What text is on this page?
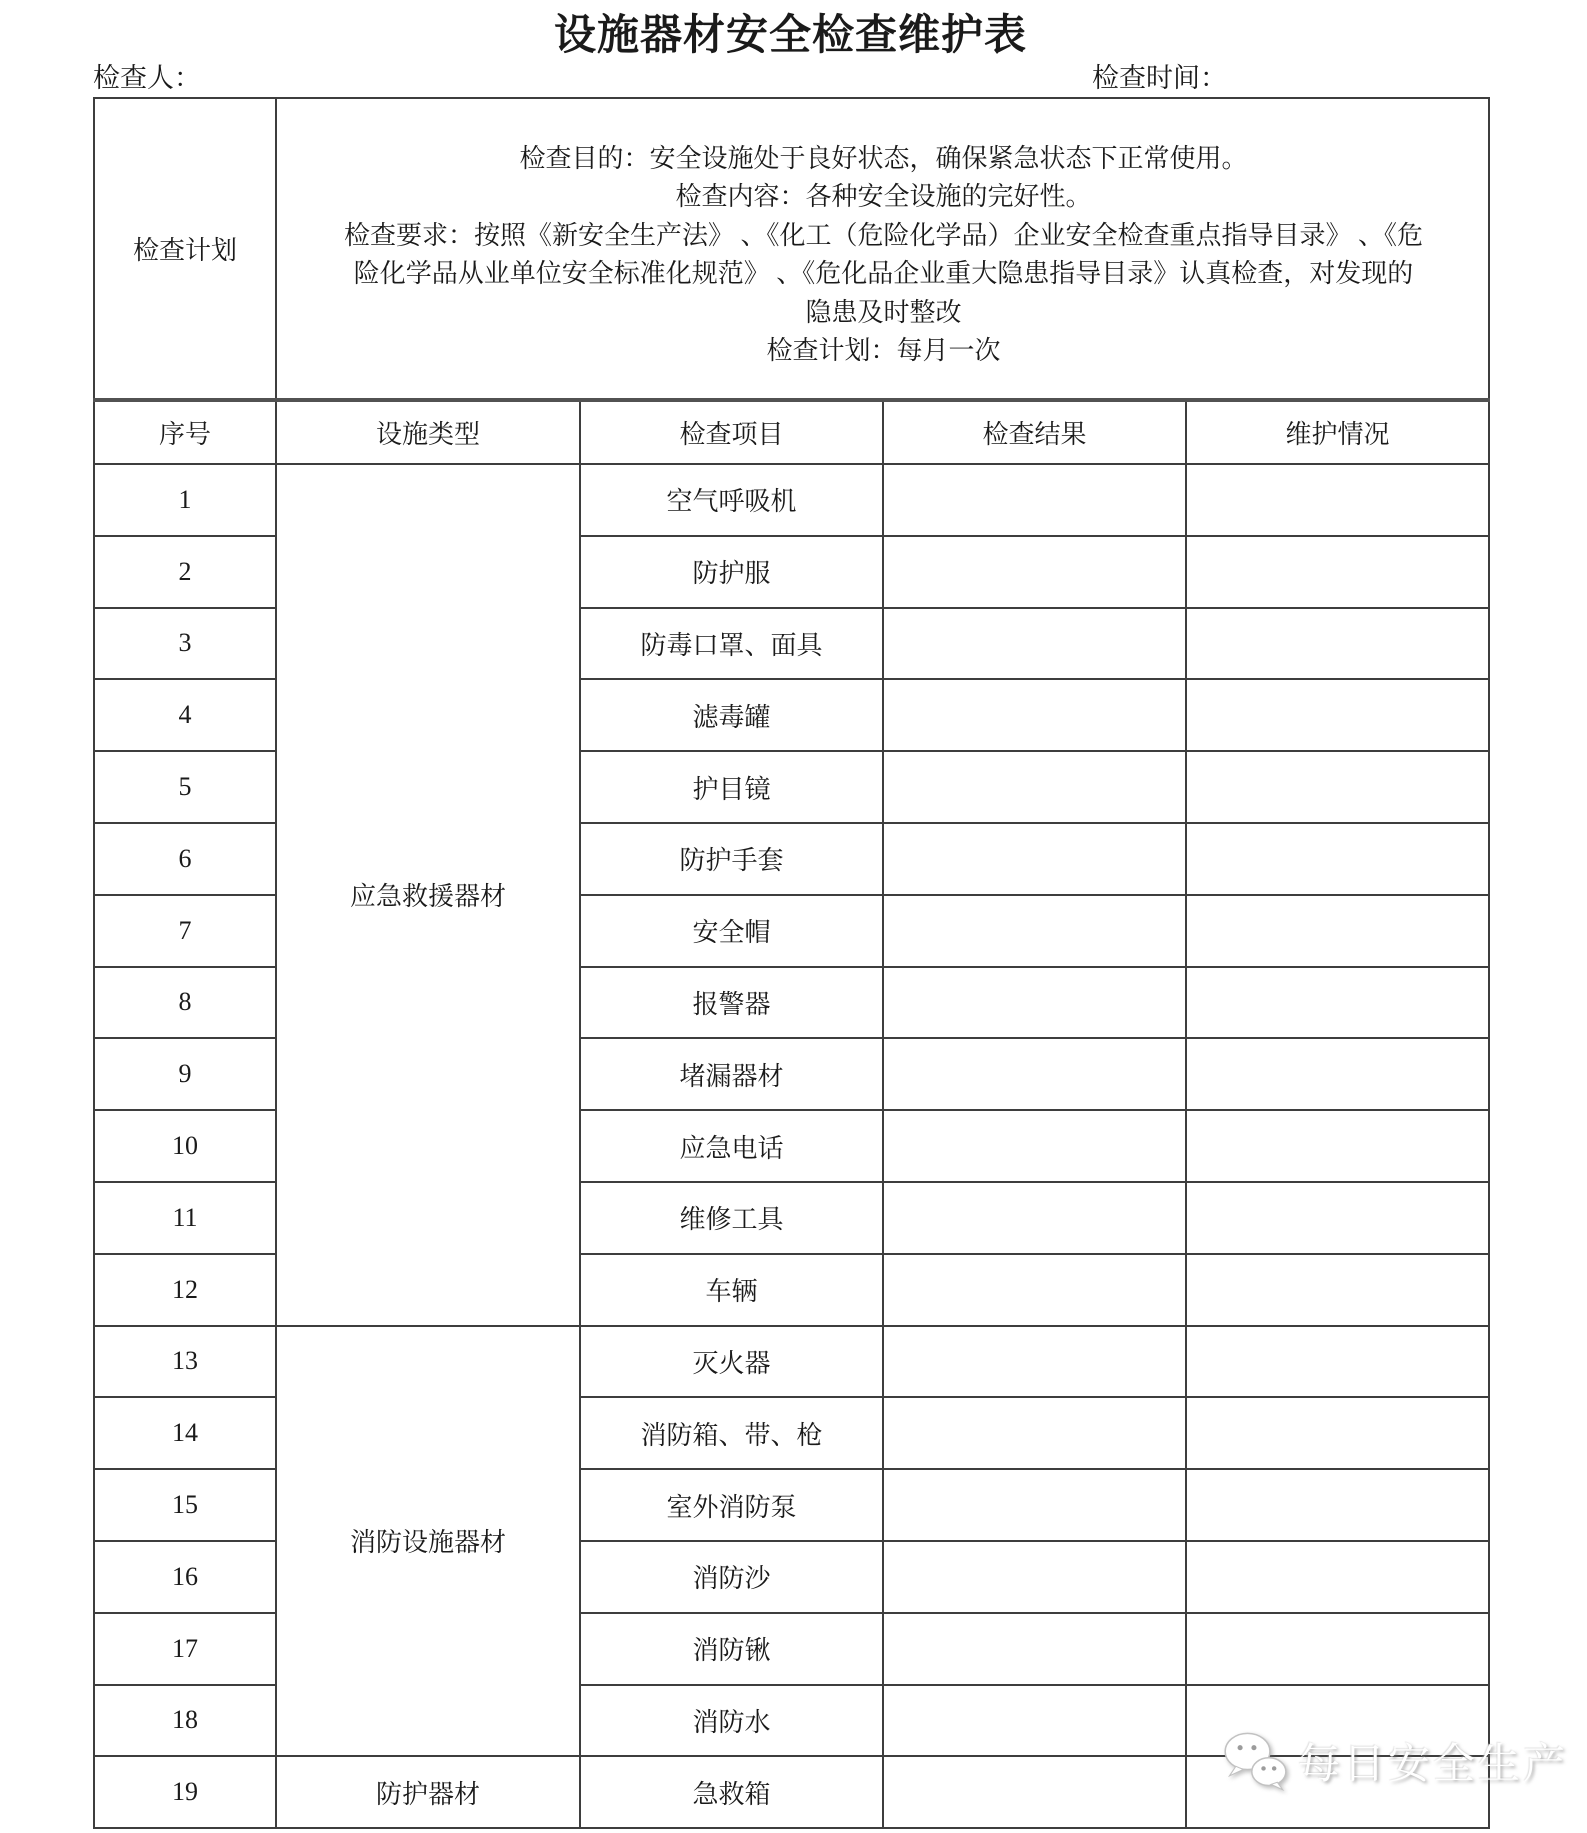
设施器材安全检查维护表
检查人：	检查时间：
检查计划	
检查目的：安全设施处于良好状态，确保紧急状态下正常使用。
检查内容：各种安全设施的完好性。
检查要求：按照《新安全生产法》 、《化工（危险化学品）企业安全检查重点指导目录》 、《危
险化学品从业单位安全标准化规范》 、《危化品企业重大隐患指导目录》认真检查，对发现的
隐患及时整改
检查计划：每月一次

序号	设施类型	检查项目	检查结果	维护情况
1	应急救援器材	空气呼吸机		
2		防护服		
3		防毒口罩、面具		
4		滤毒罐		
5		护目镜		
6		防护手套		
7		安全帽		
8		报警器		
9		堵漏器材		
10		应急电话		
11		维修工具		
12		车辆		
13	消防设施器材	灭火器		
14		消防箱、带、枪		
15		室外消防泵		
16		消防沙		
17		消防锹		
18		消防水		
19	防护器材	急救箱		
每日安全生产
